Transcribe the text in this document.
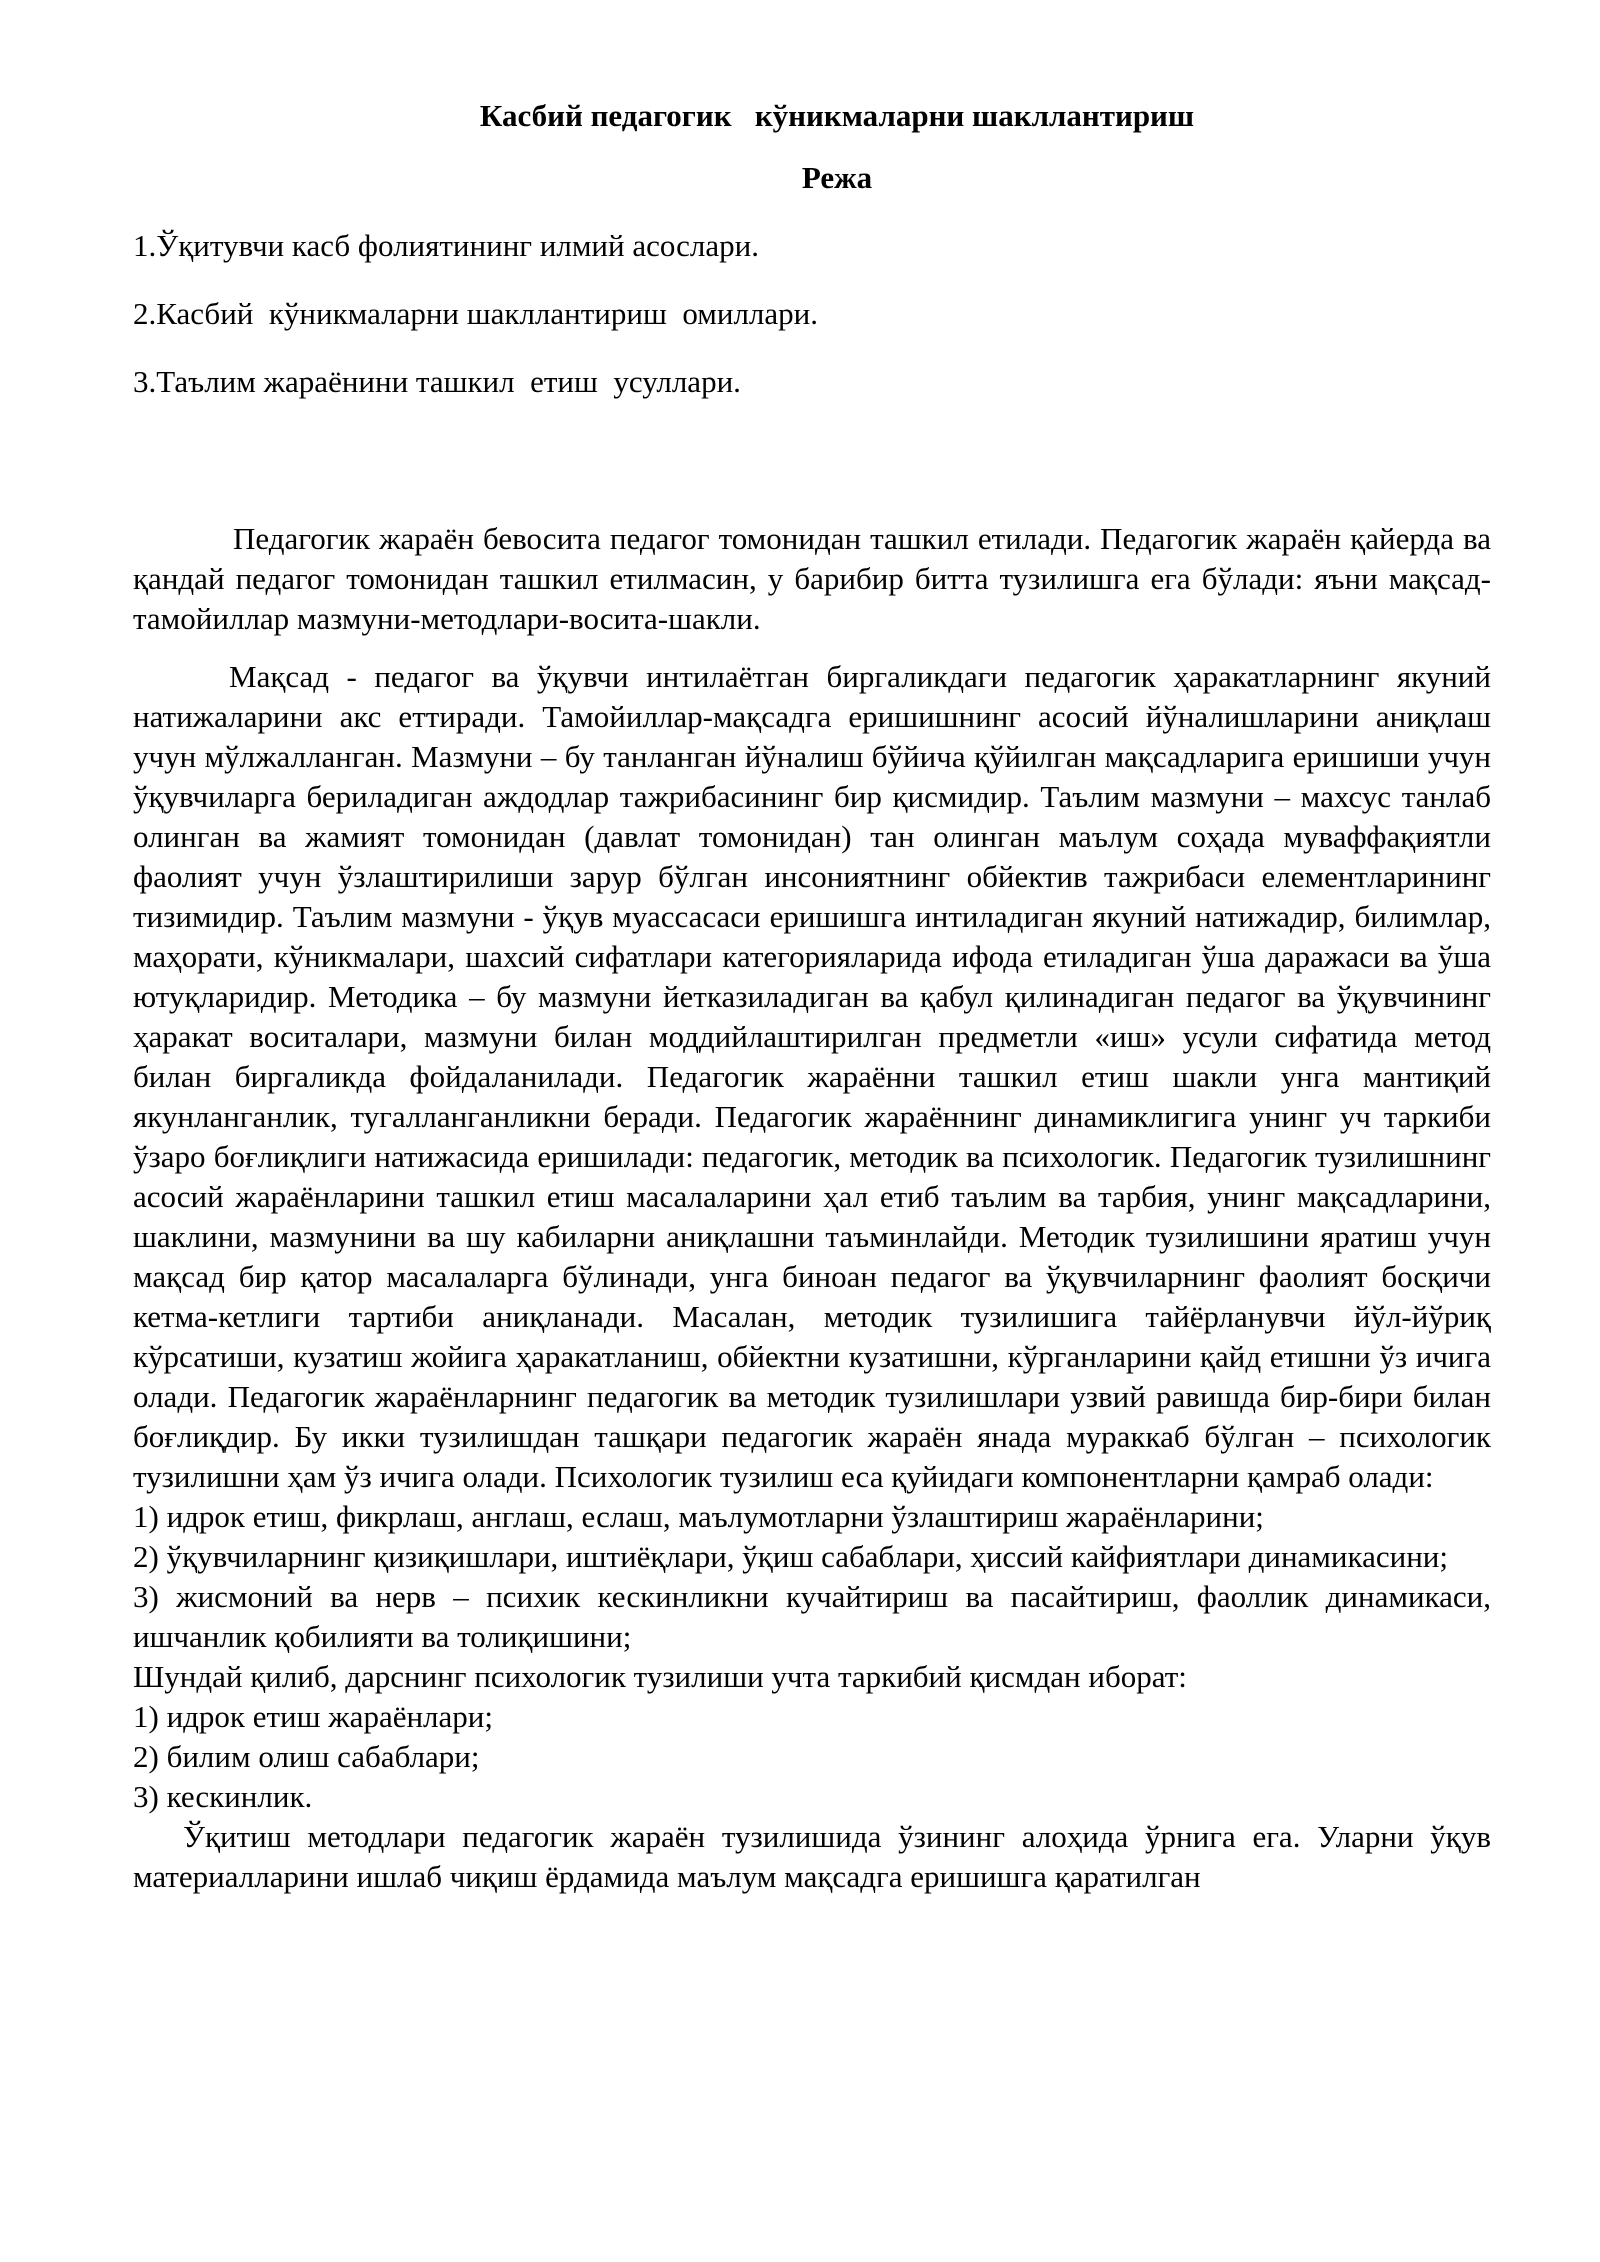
Касбий педагогик   кўникмаларни шакллантириш
Режа
1.Ўқитувчи касб фолиятининг илмий асослари.
2.Касбий  кўникмаларни шакллантириш  омиллари.
3.Таълим жараёнини ташкил  етиш  усуллари.

Педагогик жараён бевосита педагог томонидан ташкил етилади. Педагогик жараён қайерда ва қандай педагог томонидан ташкил етилмасин, у барибир битта тузилишга ега бўлади: яъни мақсад-тамойиллар мазмуни-методлари-восита-шакли.

Мақсад - педагог ва ўқувчи интилаётган биргаликдаги педагогик ҳаракатларнинг якуний натижаларини акс еттиради. Тамойиллар-мақсадга еришишнинг асосий йўналишларини аниқлаш учун мўлжалланган. Мазмуни – бу танланган йўналиш бўйича қўйилган мақсадларига еришиши учун ўқувчиларга бериладиган аждодлар тажрибасининг бир қисмидир. Таълим мазмуни – махсус танлаб олинган ва жамият томонидан (давлат томонидан) тан олинган маълум соҳада муваффақиятли фаолият учун ўзлаштирилиши зарур бўлган инсониятнинг обйектив тажрибаси елементларининг тизимидир. Таълим мазмуни - ўқув муассасаси еришишга интиладиган якуний натижадир, билимлар, маҳорати, кўникмалари, шахсий сифатлари категорияларида ифода етиладиган ўша даражаси ва ўша ютуқларидир. Методика – бу мазмуни йетказиладиган ва қабул қилинадиган педагог ва ўқувчининг ҳаракат воситалари, мазмуни билан моддийлаштирилган предметли «иш» усули сифатида метод билан биргаликда фойдаланилади. Педагогик жараённи ташкил етиш шакли унга мантиқий якунланганлик, тугалланганликни беради. Педагогик жараённинг динамиклигига унинг уч таркиби ўзаро боғлиқлиги натижасида еришилади: педагогик, методик ва психологик. Педагогик тузилишнинг асосий жараёнларини ташкил етиш масалаларини ҳал етиб таълим ва тарбия, унинг мақсадларини, шаклини, мазмунини ва шу кабиларни аниқлашни таъминлайди. Методик тузилишини яратиш учун мақсад бир қатор масалаларга бўлинади, унга биноан педагог ва ўқувчиларнинг фаолият босқичи кетма-кетлиги тартиби аниқланади. Масалан, методик тузилишига тайёрланувчи йўл-йўриқ кўрсатиши, кузатиш жойига ҳаракатланиш, обйектни кузатишни, кўрганларини қайд етишни ўз ичига олади. Педагогик жараёнларнинг педагогик ва методик тузилишлари узвий равишда бир-бири билан боғлиқдир. Бу икки тузилишдан ташқари педагогик жараён янада мураккаб бўлган – психологик тузилишни ҳам ўз ичига олади. Психологик тузилиш еса қуйидаги компонентларни қамраб олади:

1) идрок етиш, фикрлаш, англаш, еслаш, маълумотларни ўзлаштириш жараёнларини;

2) ўқувчиларнинг қизиқишлари, иштиёқлари, ўқиш сабаблари, ҳиссий кайфиятлари динамикасини;

3) жисмоний ва нерв – психик кескинликни кучайтириш ва пасайтириш, фаоллик динамикаси, ишчанлик қобилияти ва толиқишини;

Шундай қилиб, дарснинг психологик тузилиши учта таркибий қисмдан иборат:

1) идрок етиш жараёнлари;

2) билим олиш сабаблари;

3) кескинлик.

Ўқитиш методлари педагогик жараён тузилишида ўзининг алоҳида ўрнига ега. Уларни ўқув материалларини ишлаб чиқиш ёрдамида маълум мақсадга еришишга қаратилган
